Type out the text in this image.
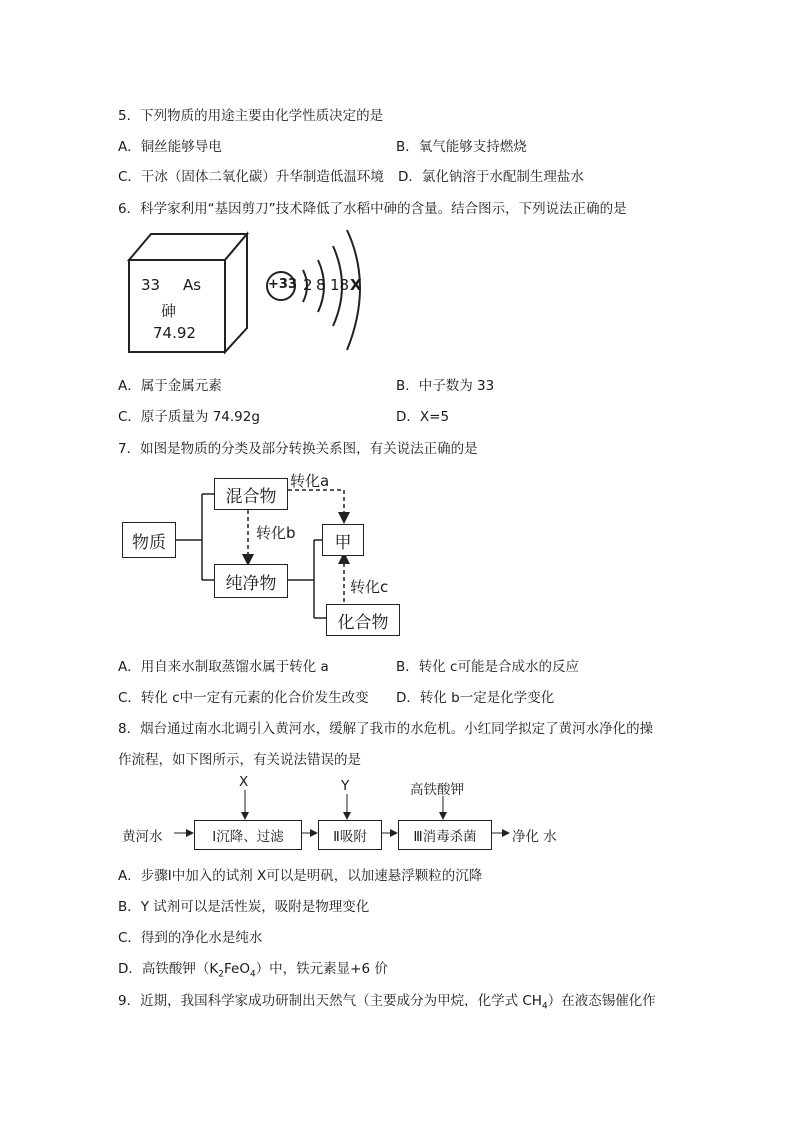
5．下列物质的用途主要由化学性质决定的是
A．铜丝能够导电	B．氧气能够支持燃烧
C．干冰（固体二氧化碳）升华制造低温环境 D．氯化钠溶于水配制生理盐水
6．科学家利用“基因剪刀”技术降低了水稻中砷的含量。结合图示，下列说法正确的是
33 As
砷
74.92
+33 2 8 18 X
A．属于金属元素	B．中子数为 33
C．原子质量为 74.92g	D．X=5
7．如图是物质的分类及部分转换关系图，有关说法正确的是
物质
混合物
纯净物
甲
化合物
转化a
转化b
转化c
A．用自来水制取蒸馏水属于转化 a	B．转化 c可能是合成水的反应
C．转化 c中一定有元素的化合价发生改变 D．转化 b一定是化学变化
8．烟台通过南水北调引入黄河水，缓解了我市的水危机。小红同学拟定了黄河水净化的操
作流程，如下图所示，有关说法错误的是
黄河水	Ⅰ沉降、过滤	Ⅱ吸附	Ⅲ消毒杀菌	净化 水
X	Y	高铁酸钾
A．步骤Ⅰ中加入的试剂 X可以是明矾，以加速悬浮颗粒的沉降
B．Y 试剂可以是活性炭，吸附是物理变化
C．得到的净化水是纯水
D．高铁酸钾$(K_2FeO_4)$中，铁元素显+6 价
9．近期，我国科学家成功研制出天然气（主要成分为甲烷，化学式 $CH_4$）在液态锡催化作
